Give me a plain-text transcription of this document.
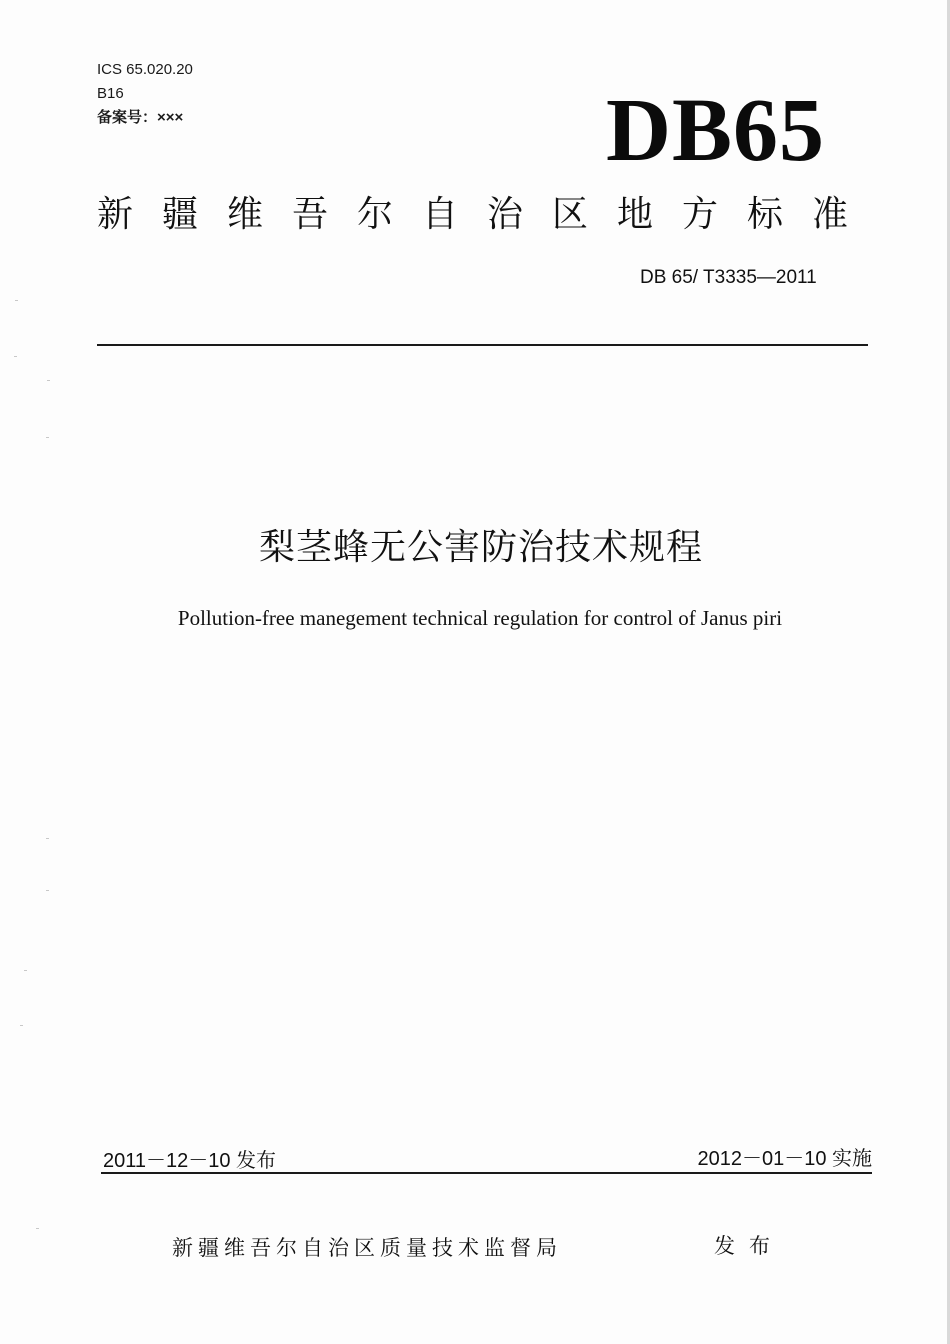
ICS 65.020.20
B16
备案号：×××	DB65
新疆维吾尔自治区地方标准
DB 65/ T3335—2011
梨茎蜂无公害防治技术规程
Pollution-free manegement technical regulation for control of Janus piri
2011－12－10 发布	2012－01－10 实施
新疆维吾尔自治区质量技术监督局	发布
